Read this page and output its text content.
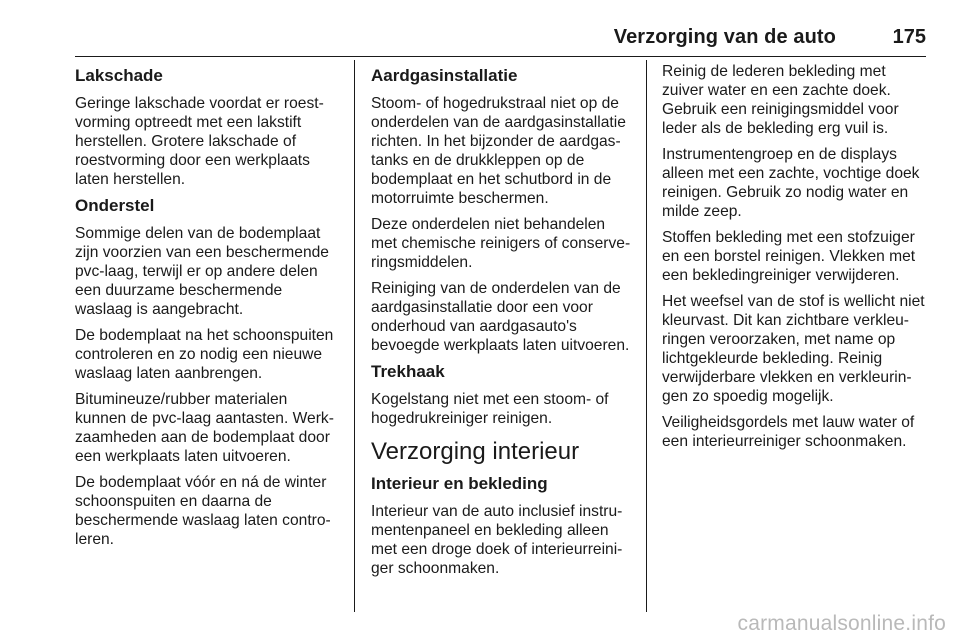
Verzorging van de auto	175
Lakschade

Geringe lakschade voordat er roest-
vorming optreedt met een lakstift
herstellen. Grotere lakschade of
roestvorming door een werkplaats
laten herstellen.

Onderstel

Sommige delen van de bodemplaat
zijn voorzien van een beschermende
pvc-laag, terwijl er op andere delen
een duurzame beschermende
waslaag is aangebracht.

De bodemplaat na het schoonspuiten
controleren en zo nodig een nieuwe
waslaag laten aanbrengen.

Bitumineuze/rubber materialen
kunnen de pvc-laag aantasten. Werk-
zaamheden aan de bodemplaat door
een werkplaats laten uitvoeren.

De bodemplaat vóór en ná de winter
schoonspuiten en daarna de
beschermende waslaag laten contro-
leren.

Aardgasinstallatie

Stoom- of hogedrukstraal niet op de
onderdelen van de aardgasinstallatie
richten. In het bijzonder de aardgas-
tanks en de drukkleppen op de
bodemplaat en het schutbord in de
motorruimte beschermen.

Deze onderdelen niet behandelen
met chemische reinigers of conserve-
ringsmiddelen.

Reiniging van de onderdelen van de
aardgasinstallatie door een voor
onderhoud van aardgasauto's
bevoegde werkplaats laten uitvoeren.

Trekhaak

Kogelstang niet met een stoom- of
hogedrukreiniger reinigen.

Verzorging interieur
Interieur en bekleding

Interieur van de auto inclusief instru-
mentenpaneel en bekleding alleen
met een droge doek of interieurreini-
ger schoonmaken.

Reinig de lederen bekleding met
zuiver water en een zachte doek.
Gebruik een reinigingsmiddel voor
leder als de bekleding erg vuil is.

Instrumentengroep en de displays
alleen met een zachte, vochtige doek
reinigen. Gebruik zo nodig water en
milde zeep.

Stoffen bekleding met een stofzuiger
en een borstel reinigen. Vlekken met
een bekledingreiniger verwijderen.

Het weefsel van de stof is wellicht niet
kleurvast. Dit kan zichtbare verkleu-
ringen veroorzaken, met name op
lichtgekleurde bekleding. Reinig
verwijderbare vlekken en verkleurin-
gen zo spoedig mogelijk.

Veiligheidsgordels met lauw water of
een interieurreiniger schoonmaken.

carmanualsonline.info
